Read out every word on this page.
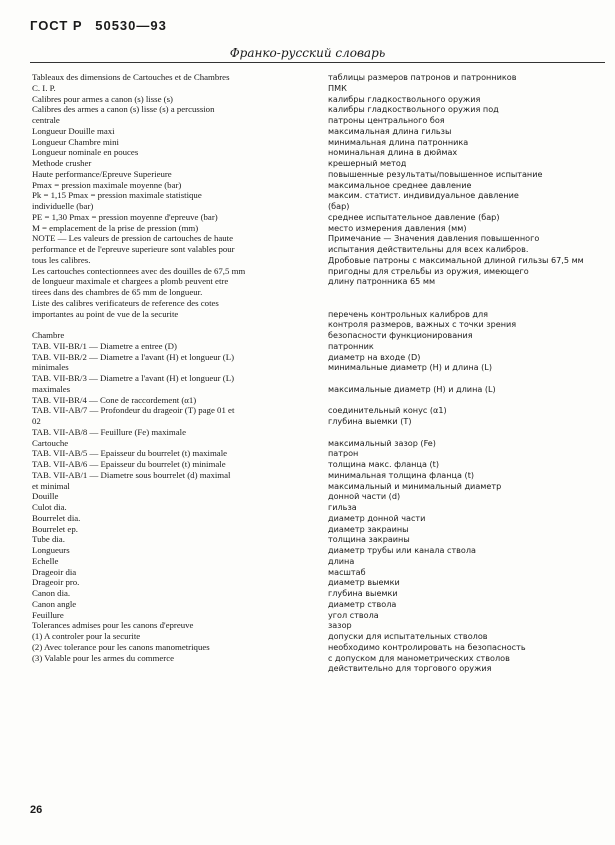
ГОСТ Р 50530—93
Франко-русский словарь
Tableaux des dimensions de Cartouches et de Chambres
C. I. P.
Calibres pour armes a canon (s) lisse (s)
Calibres des armes a canon (s) lisse (s) a percussion
centrale
Longueur Douille maxi
Longueur Chambre mini
Longueur nominale en pouces
Methode crusher
Haute performance/Epreuve Superieure
Pmax = pression maximale moyenne (bar)
Pk = 1,15 Pmax = pression maximale statistique
individuelle (bar)
PE = 1,30 Pmax = pression moyenne d'epreuve (bar)
M = emplacement de la prise de pression (mm)
NOTE — Les valeurs de pression de cartouches de haute
performance et de l'epreuve superieure sont valables pour
tous les calibres.
Les cartouches contectionnees avec des douilles de 67,5 mm
de longueur maximale et chargees a plomb peuvent etre
tirees dans des chambres de 65 mm de longueur.
Liste des calibres verificateurs de reference des cotes
importantes au point de vue de la securite
Chambre
TAB. VII-BR/1 — Diametre a entree (D)
TAB. VII-BR/2 — Diametre a l'avant (H) et longueur (L)
minimales
TAB. VII-BR/3 — Diametre a l'avant (H) et longueur (L)
maximales
TAB. VII-BR/4 — Cone de raccordement (α1)
TAB. VII-AB/7 — Profondeur du drageoir (T) page 01 et
02
TAB. VII-AB/8 — Feuillure (Fe) maximale
Cartouche
TAB. VII-AB/5 — Epaisseur du bourrelet (t) maximale
TAB. VII-AB/6 — Epaisseur du bourrelet (t) minimale
TAB. VII-AB/1 — Diametre sous bourrelet (d) maximal
et minimal
Douille
Culot dia.
Bourrelet dia.
Bourrelet ep.
Tube dia.
Longueurs
Echelle
Drageoir dia
Drageoir pro.
Canon dia.
Canon angle
Feuillure
Tolerances admises pour les canons d'epreuve
(1) A controler pour la securite
(2) Avec tolerance pour les canons manometriques
(3) Valable pour les armes du commerce
таблицы размеров патронов и патронников
ПМК
калибры гладкоствольного оружия
калибры гладкоствольного оружия под
патроны центрального боя
максимальная длина гильзы
минимальная длина патронника
номинальная длина в дюймах
крешерный метод
повышенные результаты/повышенное испытание
максимальное среднее давление
максим. статист. индивидуальное давление
(бар)
среднее испытательное давление (бар)
место измерения давления (мм)
Примечание — Значения давления повышенного
испытания действительны для всех калибров.
Дробовые патроны с максимальной длиной гильзы 67,5 мм
пригодны для стрельбы из оружия, имеющего
длину патронника 65 мм
перечень контрольных калибров для
контроля размеров, важных с точки зрения
безопасности функционирования
патронник
диаметр на входе (D)
минимальные диаметр (H) и длина (L)
максимальные диаметр (H) и длина (L)
соединительный конус (α1)
глубина выемки (T)
максимальный зазор (Fe)
патрон
толщина макс. фланца (t)
минимальная толщина фланца (t)
максимальный и минимальный диаметр
донной части (d)
гильза
диаметр донной части
диаметр закраины
толщина закраины
диаметр трубы или канала ствола
длина
масштаб
диаметр выемки
глубина выемки
диаметр ствола
угол ствола
зазор
допуски для испытательных стволов
необходимо контролировать на безопасность
с допуском для манометрических стволов
действительно для торгового оружия
26
